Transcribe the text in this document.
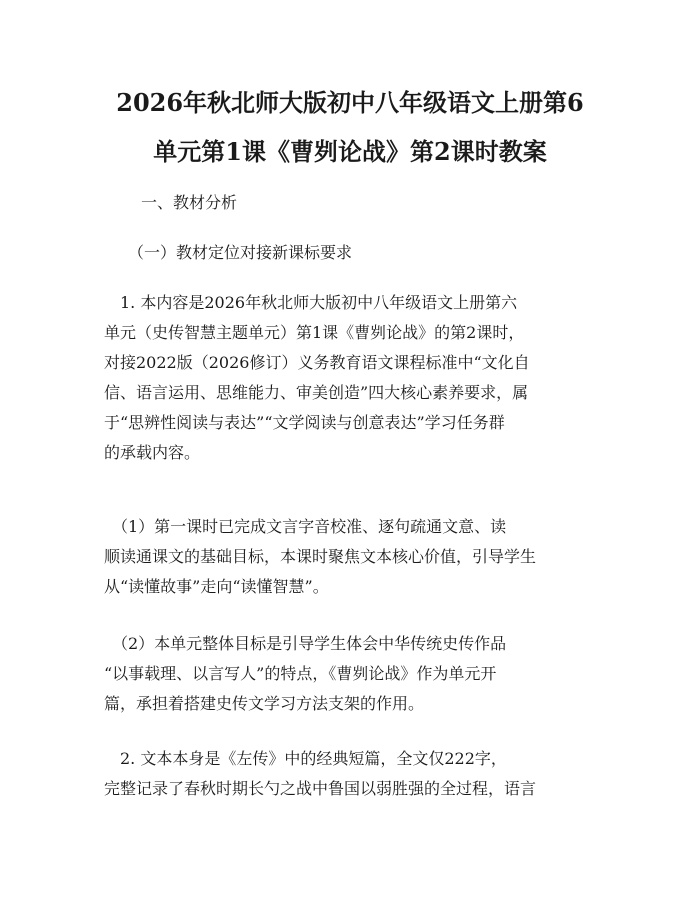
2026年秋北师大版初中八年级语文上册第6
单元第1课《曹刿论战》第2课时教案
一、教材分析
（一）教材定位对接新课标要求
　1. 本内容是2026年秋北师大版初中八年级语文上册第六
单元（史传智慧主题单元）第1课《曹刿论战》的第2课时，
对接2022版（2026修订）义务教育语文课程标准中“文化自
信、语言运用、思维能力、审美创造”四大核心素养要求，属
于“思辨性阅读与表达”“文学阅读与创意表达”学习任务群
的承载内容。
　（1）第一课时已完成文言字音校准、逐句疏通文意、读
顺读通课文的基础目标，本课时聚焦文本核心价值，引导学生
从“读懂故事”走向“读懂智慧”。
　（2）本单元整体目标是引导学生体会中华传统史传作品
“以事载理、以言写人”的特点，《曹刿论战》作为单元开
篇，承担着搭建史传文学习方法支架的作用。
　2. 文本本身是《左传》中的经典短篇，全文仅222字，
完整记录了春秋时期长勺之战中鲁国以弱胜强的全过程，语言
